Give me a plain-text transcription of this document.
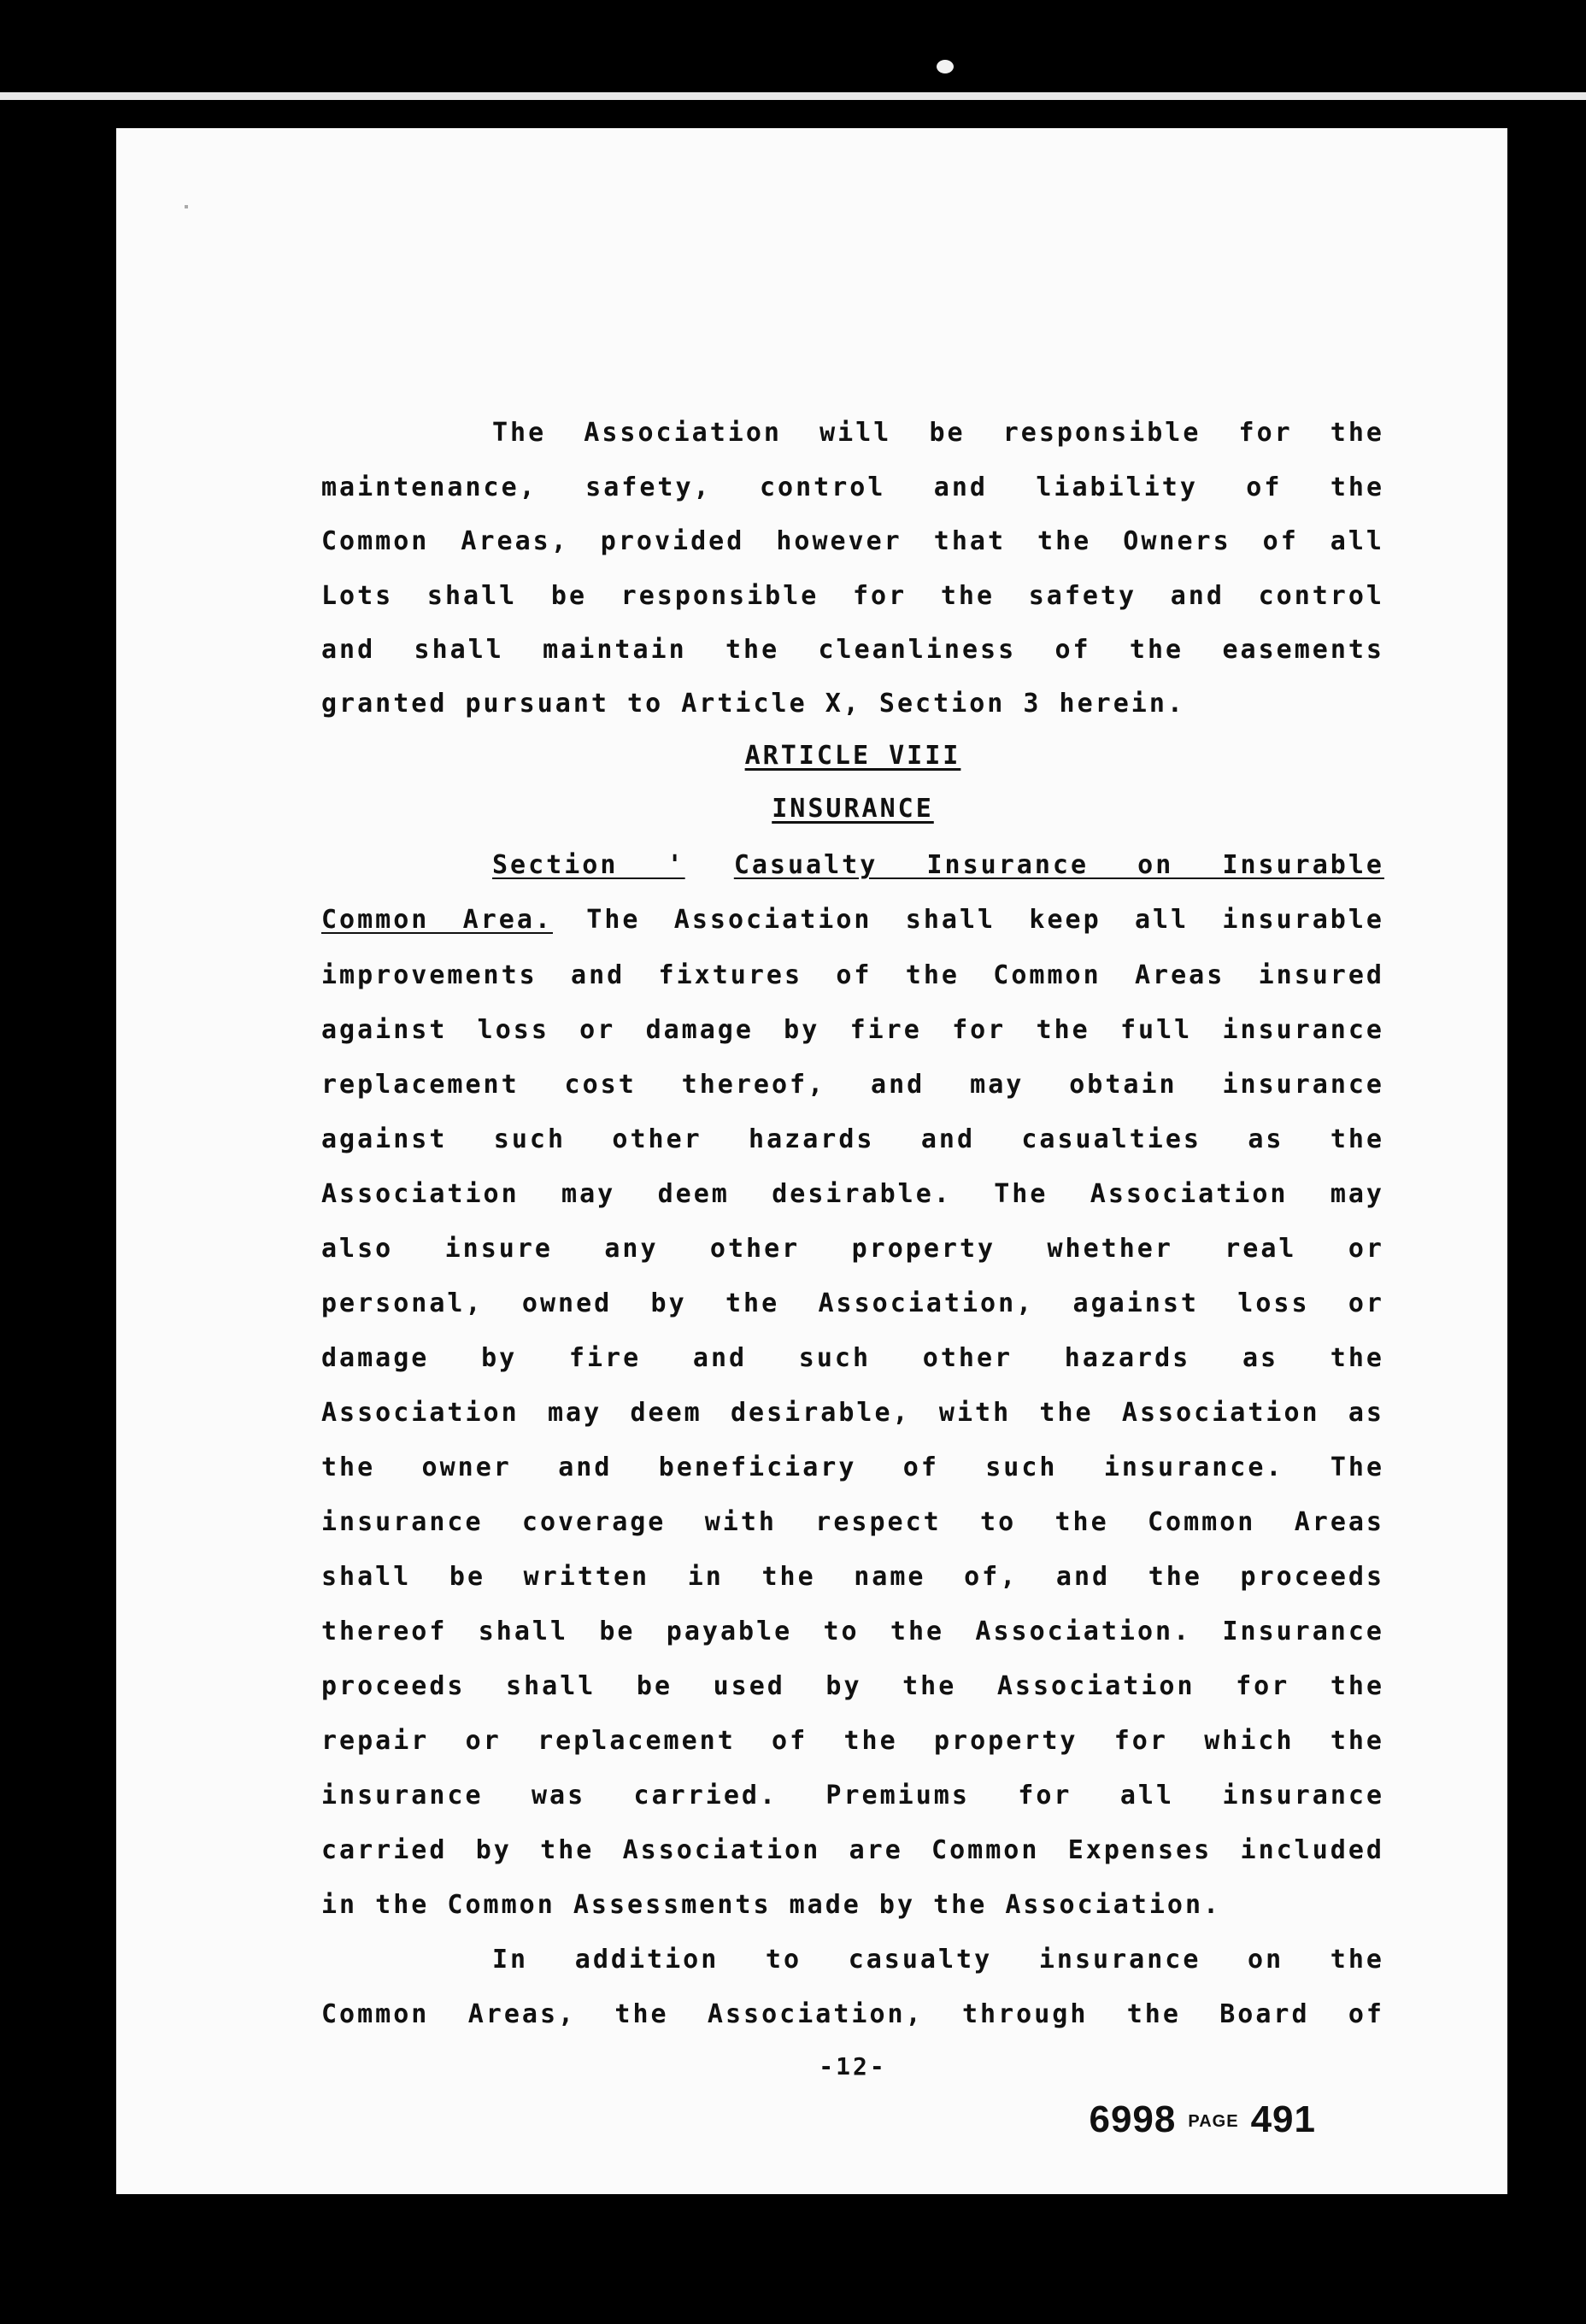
The Association will be responsible for the
maintenance, safety, control and liability of the
Common Areas, provided however that the Owners of all
Lots shall be responsible for the safety and control
and shall maintain the cleanliness of the easements
granted pursuant to Article X, Section 3 herein.
ARTICLE VIII
INSURANCE
Section ' Casualty Insurance on Insurable
Common Area. The Association shall keep all insurable
improvements and fixtures of the Common Areas insured
against loss or damage by fire for the full insurance
replacement cost thereof, and may obtain insurance
against such other hazards and casualties as the
Association may deem desirable. The Association may
also insure any other property whether real or
personal, owned by the Association, against loss or
damage by fire and such other hazards as the
Association may deem desirable, with the Association as
the owner and beneficiary of such insurance. The
insurance coverage with respect to the Common Areas
shall be written in the name of, and the proceeds
thereof shall be payable to the Association. Insurance
proceeds shall be used by the Association for the
repair or replacement of the property for which the
insurance was carried. Premiums for all insurance
carried by the Association are Common Expenses included
in the Common Assessments made by the Association.
In addition to casualty insurance on the
Common Areas, the Association, through the Board of
-12-
6998 PAGE 491
